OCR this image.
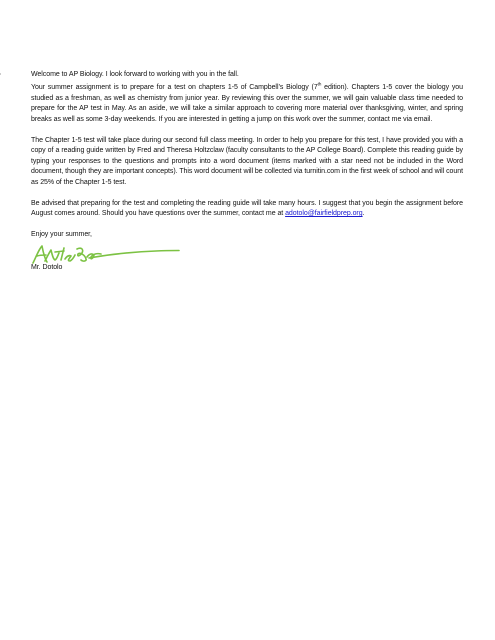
Welcome to AP Biology. I look forward to working with you in the fall.

Your summer assignment is to prepare for a test on chapters 1-5 of Campbell’s Biology (7th edition). Chapters 1-5 cover the biology you studied as a freshman, as well as chemistry from junior year. By reviewing this over the summer, we will gain valuable class time needed to prepare for the AP test in May. As an aside, we will take a similar approach to covering more material over thanksgiving, winter, and spring breaks as well as some 3-day weekends. If you are interested in getting a jump on this work over the summer, contact me via email.

The Chapter 1-5 test will take place during our second full class meeting. In order to help you prepare for this test, I have provided you with a copy of a reading guide written by Fred and Theresa Holtzclaw (faculty consultants to the AP College Board). Complete this reading guide by typing your responses to the questions and prompts into a word document (items marked with a star need not be included in the Word document, though they are important concepts). This word document will be collected via turnitin.com in the first week of school and will count as 25% of the Chapter 1-5 test.

Be advised that preparing for the test and completing the reading guide will take many hours. I suggest that you begin the assignment before August comes around. Should you have questions over the summer, contact me at adotolo@fairfieldprep.org.

Enjoy your summer,

Mr. Dotolo
